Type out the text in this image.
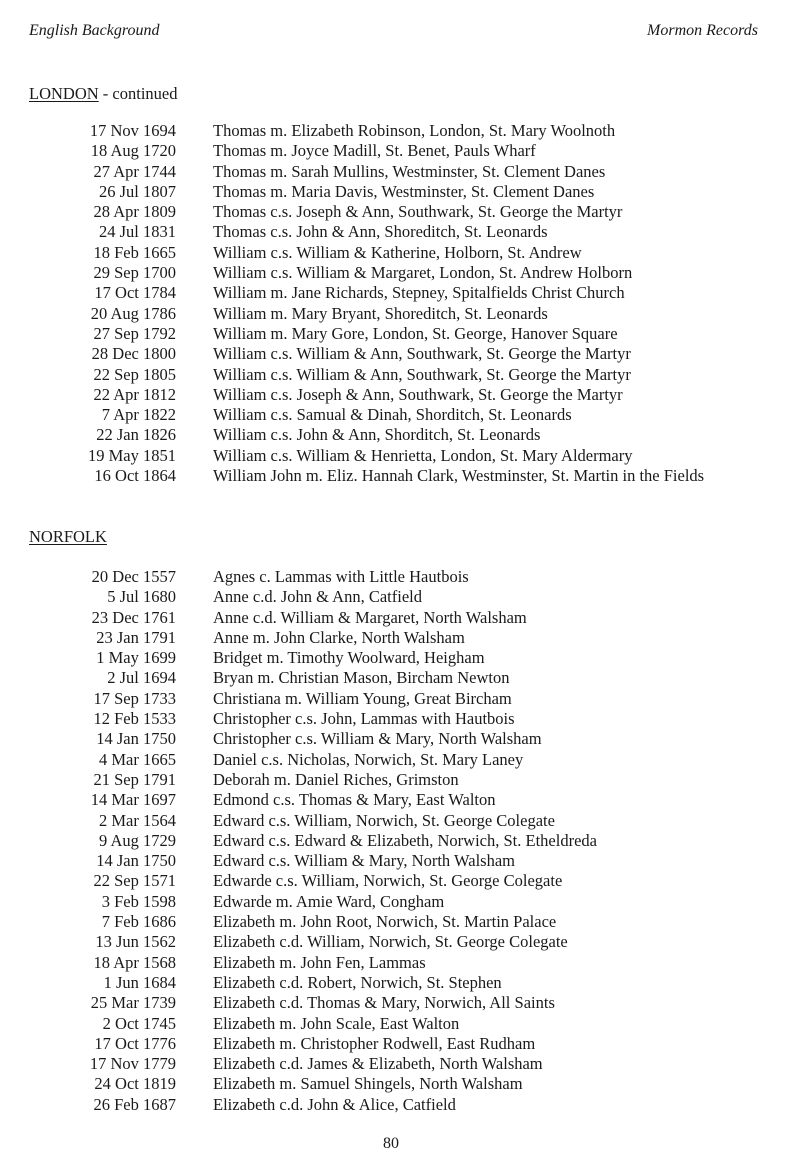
English Background	Mormon Records
LONDON - continued
17 Nov 1694 Thomas m. Elizabeth Robinson, London, St. Mary Woolnoth
18 Aug 1720 Thomas m. Joyce Madill, St. Benet, Pauls Wharf
27 Apr 1744 Thomas m. Sarah Mullins, Westminster, St. Clement Danes
26 Jul 1807 Thomas m. Maria Davis, Westminster, St. Clement Danes
28 Apr 1809 Thomas c.s. Joseph & Ann, Southwark, St. George the Martyr
24 Jul 1831 Thomas c.s. John & Ann, Shoreditch, St. Leonards
18 Feb 1665 William c.s. William & Katherine, Holborn, St. Andrew
29 Sep 1700 William c.s. William & Margaret, London, St. Andrew Holborn
17 Oct 1784 William m. Jane Richards, Stepney, Spitalfields Christ Church
20 Aug 1786 William m. Mary Bryant, Shoreditch, St. Leonards
27 Sep 1792 William m. Mary Gore, London, St. George, Hanover Square
28 Dec 1800 William c.s. William & Ann, Southwark, St. George the Martyr
22 Sep 1805 William c.s. William & Ann, Southwark, St. George the Martyr
22 Apr 1812 William c.s. Joseph & Ann, Southwark, St. George the Martyr
7 Apr 1822 William c.s. Samual & Dinah, Shorditch, St. Leonards
22 Jan 1826 William c.s. John & Ann, Shorditch, St. Leonards
19 May 1851 William c.s. William & Henrietta, London, St. Mary Aldermary
16 Oct 1864 William John m. Eliz. Hannah Clark, Westminster, St. Martin in the Fields
NORFOLK
20 Dec 1557 Agnes c. Lammas with Little Hautbois
5 Jul 1680 Anne c.d. John & Ann, Catfield
23 Dec 1761 Anne c.d. William & Margaret, North Walsham
23 Jan 1791 Anne m. John Clarke, North Walsham
1 May 1699 Bridget m. Timothy Woolward, Heigham
2 Jul 1694 Bryan m. Christian Mason, Bircham Newton
17 Sep 1733 Christiana m. William Young, Great Bircham
12 Feb 1533 Christopher c.s. John, Lammas with Hautbois
14 Jan 1750 Christopher c.s. William & Mary, North Walsham
4 Mar 1665 Daniel c.s. Nicholas, Norwich, St. Mary Laney
21 Sep 1791 Deborah m. Daniel Riches, Grimston
14 Mar 1697 Edmond c.s. Thomas & Mary, East Walton
2 Mar 1564 Edward c.s. William, Norwich, St. George Colegate
9 Aug 1729 Edward c.s. Edward & Elizabeth, Norwich, St. Etheldreda
14 Jan 1750 Edward c.s. William & Mary, North Walsham
22 Sep 1571 Edwarde c.s. William, Norwich, St. George Colegate
3 Feb 1598 Edwarde m. Amie Ward, Congham
7 Feb 1686 Elizabeth m. John Root, Norwich, St. Martin Palace
13 Jun 1562 Elizabeth c.d. William, Norwich, St. George Colegate
18 Apr 1568 Elizabeth m. John Fen, Lammas
1 Jun 1684 Elizabeth c.d. Robert, Norwich, St. Stephen
25 Mar 1739 Elizabeth c.d. Thomas & Mary, Norwich, All Saints
2 Oct 1745 Elizabeth m. John Scale, East Walton
17 Oct 1776 Elizabeth m. Christopher Rodwell, East Rudham
17 Nov 1779 Elizabeth c.d. James & Elizabeth, North Walsham
24 Oct 1819 Elizabeth m. Samuel Shingels, North Walsham
26 Feb 1687 Elizabeth c.d. John & Alice, Catfield
80
